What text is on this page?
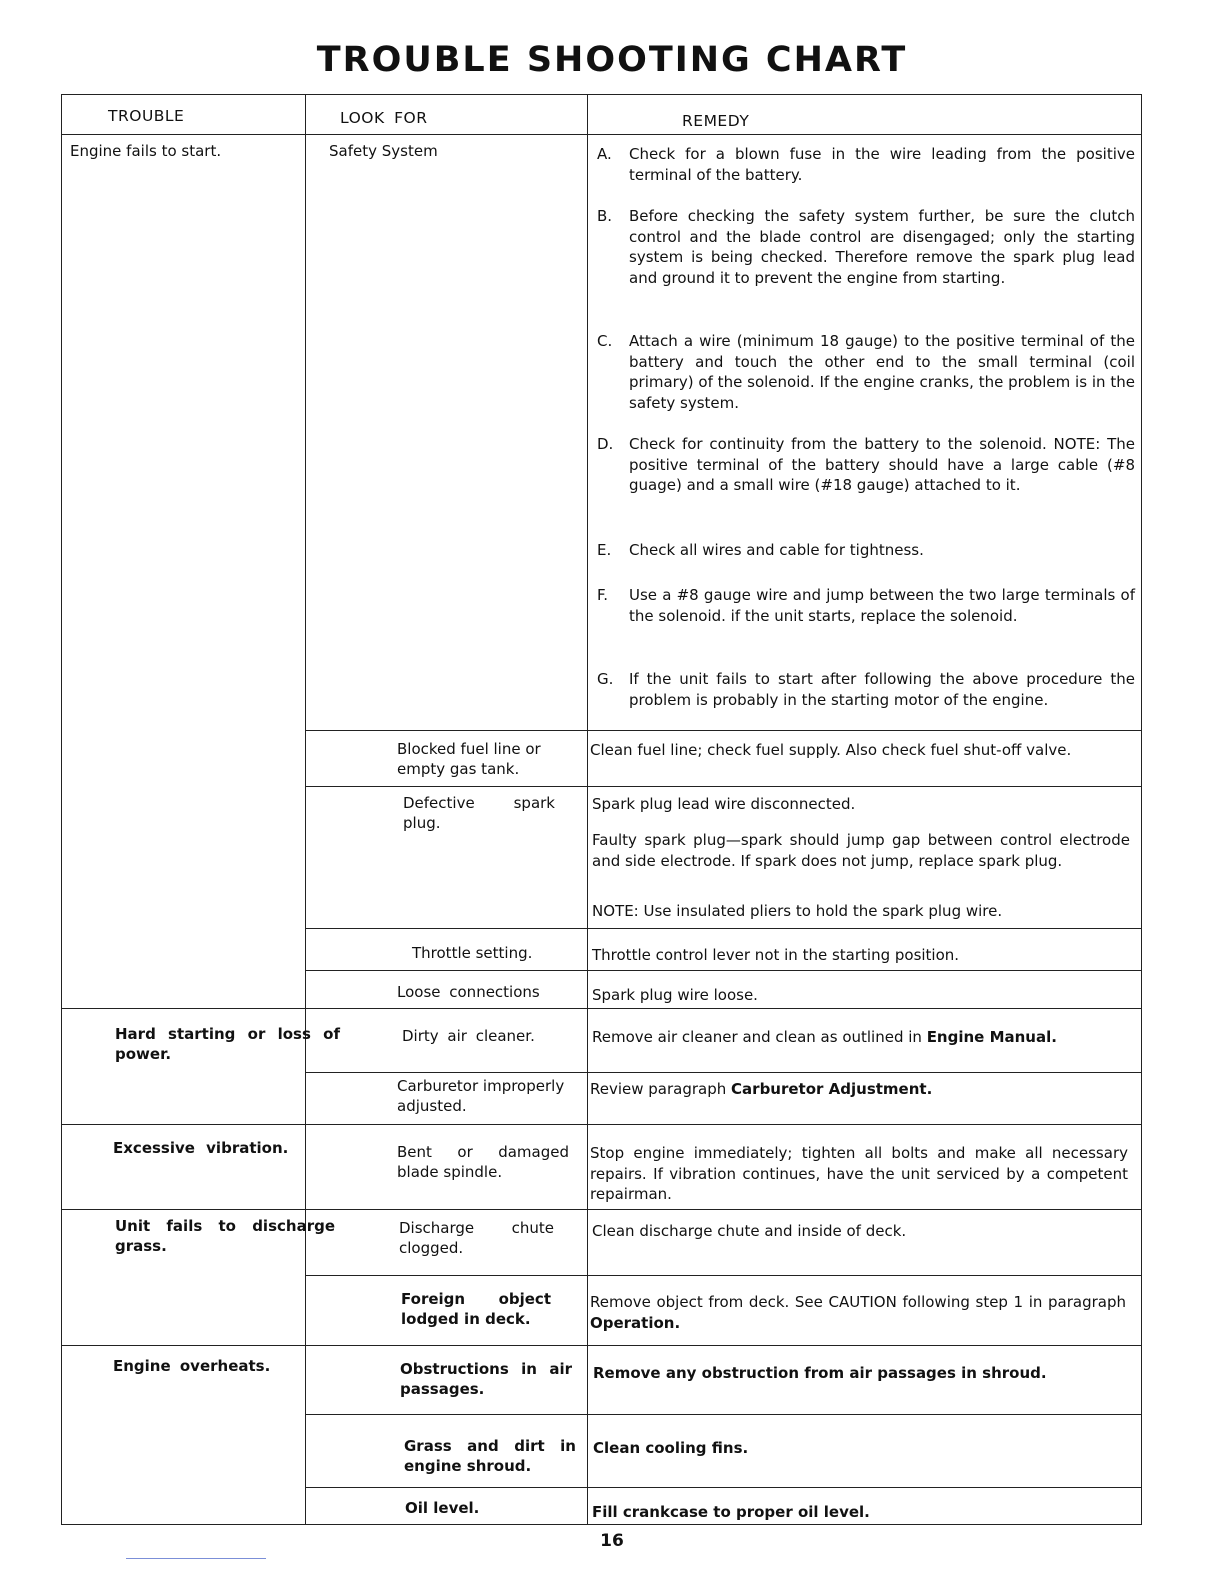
TROUBLE SHOOTING CHART
TROUBLE	LOOK FOR	REMEDY
Engine fails to start.
Hard starting or loss of power.
Excessive vibration.
Unit fails to discharge grass.
Engine overheats.
Safety System
Blocked fuel line or empty gas tank.
Defective spark plug.
Throttle setting.
Loose connections
Dirty air cleaner.
Carburetor improperly adjusted.
Bent or damaged blade spindle.
Discharge chute clogged.
Foreign object lodged in deck.
Obstructions in air passages.
Grass and dirt in engine shroud.
Oil level.
A. Check for a blown fuse in the wire leading from the positive terminal of the battery.
B. Before checking the safety system further, be sure the clutch control and the blade control are disengaged; only the starting system is being checked. Therefore remove the spark plug lead and ground it to prevent the engine from starting.
C. Attach a wire (minimum 18 gauge) to the positive terminal of the battery and touch the other end to the small terminal (coil primary) of the solenoid. If the engine cranks, the problem is in the safety system.
D. Check for continuity from the battery to the solenoid. NOTE: The positive terminal of the battery should have a large cable (#8 guage) and a small wire (#18 gauge) attached to it.
E. Check all wires and cable for tightness.
F. Use a #8 gauge wire and jump between the two large terminals of the solenoid. if the unit starts, replace the solenoid.
G. If the unit fails to start after following the above procedure the problem is probably in the starting motor of the engine.
Clean fuel line; check fuel supply. Also check fuel shut-off valve.
Spark plug lead wire disconnected.
Faulty spark plug—spark should jump gap between control electrode and side electrode. If spark does not jump, replace spark plug.
NOTE: Use insulated pliers to hold the spark plug wire.
Throttle control lever not in the starting position.
Spark plug wire loose.
Remove air cleaner and clean as outlined in Engine Manual.
Review paragraph Carburetor Adjustment.
Stop engine immediately; tighten all bolts and make all necessary repairs. If vibration continues, have the unit serviced by a competent repairman.
Clean discharge chute and inside of deck.
Remove object from deck. See CAUTION following step 1 in paragraph Operation.
Remove any obstruction from air passages in shroud.
Clean cooling fins.
Fill crankcase to proper oil level.
16
